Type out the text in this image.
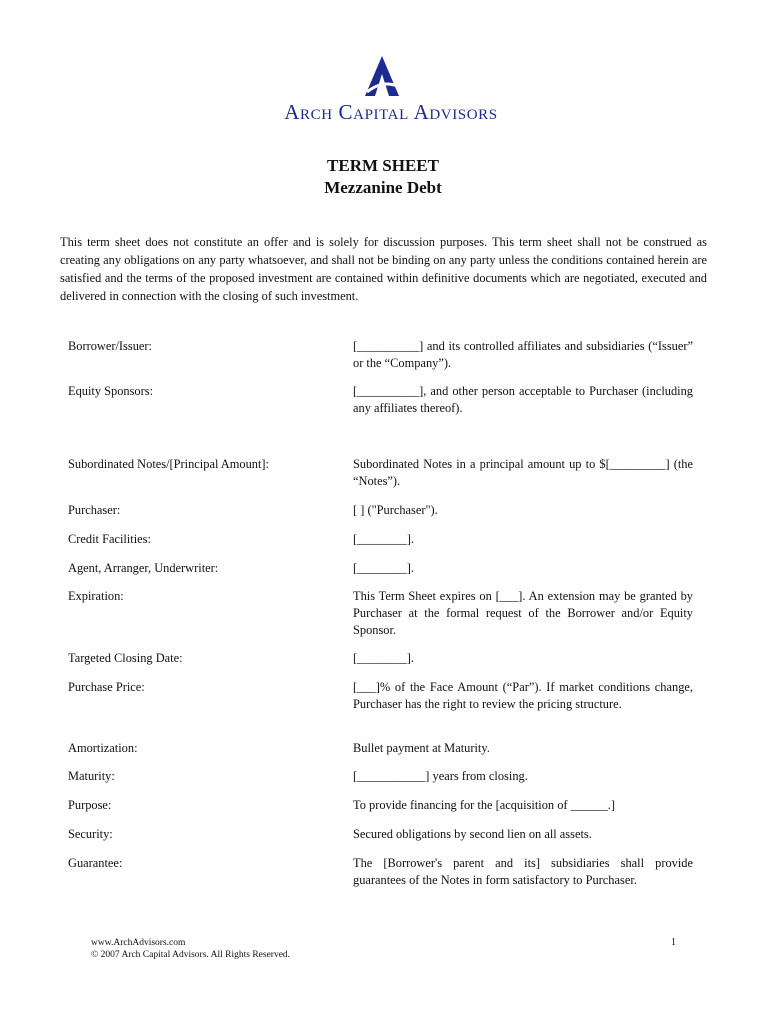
Arch Capital Advisors
TERM SHEET
Mezzanine Debt
This term sheet does not constitute an offer and is solely for discussion purposes. This term sheet shall not be construed as creating any obligations on any party whatsoever, and shall not be binding on any party unless the conditions contained herein are satisfied and the terms of the proposed investment are contained within definitive documents which are negotiated, executed and delivered in connection with the closing of such investment.
Borrower/Issuer:	[__________] and its controlled affiliates and subsidiaries (“Issuer” or the “Company”).
Equity Sponsors:	[__________], and other person acceptable to Purchaser (including any affiliates thereof).
Subordinated Notes/[Principal Amount]:	Subordinated Notes in a principal amount up to $[_________] (the “Notes”).
Purchaser:	[ ] ("Purchaser").
Credit Facilities:	[________].
Agent, Arranger, Underwriter:	[________].
Expiration:	This Term Sheet expires on [___]. An extension may be granted by Purchaser at the formal request of the Borrower and/or Equity Sponsor.
Targeted Closing Date:	[________].
Purchase Price:	[___]% of the Face Amount (“Par”). If market conditions change, Purchaser has the right to review the pricing structure.
Amortization:	Bullet payment at Maturity.
Maturity:	[___________] years from closing.
Purpose:	To provide financing for the [acquisition of ______.]
Security:	Secured obligations by second lien on all assets.
Guarantee:	The [Borrower's parent and its] subsidiaries shall provide guarantees of the Notes in form satisfactory to Purchaser.
www.ArchAdvisors.com
© 2007 Arch Capital Advisors. All Rights Reserved.
1
